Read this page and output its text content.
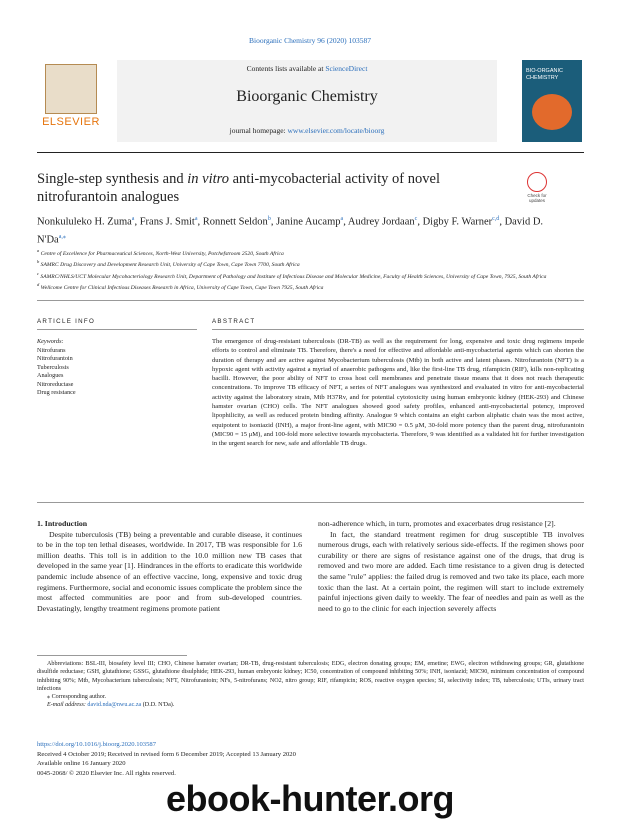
Bioorganic Chemistry 96 (2020) 103587
ELSEVIER
Contents lists available at ScienceDirect
Bioorganic Chemistry
journal homepage: www.elsevier.com/locate/bioorg
BIO-ORGANIC CHEMISTRY
Single-step synthesis and in vitro anti-mycobacterial activity of novel nitrofurantoin analogues	Check for updates
Nonkululeko H. Zuma$^a$, Frans J. Smit$^a$, Ronnett Seldon$^b$, Janine Aucamp$^a$, Audrey Jordaan$^c$, Digby F. Warner$^{c,d}$, David D. $N'Da^{a,⁎}$
$^a$ Centre of Excellence for Pharmaceutical Sciences, North-West University, Potchefstroom 2520, South Africa
$^b$ SAMRC Drug Discovery and Development Research Unit, University of Cape Town, Cape Town 7700, South Africa
$^c$ SAMRC/NHLS/UCT Molecular Mycobacteriology Research Unit, Department of Pathology and Institute of Infectious Disease and Molecular Medicine, Faculty of Health Sciences, University of Cape Town, 7925, South Africa
$^d$ Wellcome Centre for Clinical Infectious Diseases Research in Africa, University of Cape Town, Cape Town 7925, South Africa
ARTICLE INFO
Keywords:
Nitrofurans
Nitrofurantoin
Tuberculosis
Analogues
Nitroreductase
Drug resistance
ABSTRACT
The emergence of drug-resistant tuberculosis (DR-TB) as well as the requirement for long, expensive and toxic drug regimens impede efforts to control and eliminate TB. Therefore, there's a need for effective and affordable anti-mycobacterial agents which can shorten the duration of therapy and are active against Mycobacterium tuberculosis (Mtb) in both active and latent phases. Nitrofurantoin (NFT) is a hypoxic agent with activity against a myriad of anaerobic pathogens and, like the first-line TB drug, rifampicin (RIF), kills non-replicating bacilli. However, the poor ability of NFT to cross host cell membranes and penetrate tissue means that it does not reach therapeutic concentrations. To improve TB efficacy of NFT, a series of NFT analogues was synthesized and evaluated in vitro for anti-mycobacterial activity against the laboratory strain, Mtb H37Rv, and for potential cytotoxicity using human embryonic kidney (HEK-293) and Chinese hamster ovarian (CHO) cells. The NFT analogues showed good safety profiles, enhanced anti-mycobacterial potency, improved lipophilicity, as well as reduced protein binding affinity. Analogue 9 which contains an eight carbon aliphatic chain was the most active, equipotent to isoniazid (INH), a major front-line agent, with MIC90 = 0.5 μM, 30-fold more potency than the parent drug, nitrofurantoin (MIC90 = 15 μM), and 100-fold more selective towards mycobacteria. Therefore, 9 was identified as a validated hit for further investigation in the urgent search for new, safe and affordable TB drugs.

1. Introduction

Despite tuberculosis (TB) being a preventable and curable disease, it continues to be in the top ten lethal diseases, worldwide. In 2017, TB was responsible for 1.6 million deaths. This toll is in addition to the 10.0 million new TB cases that developed in the same year [1]. Hindrances in the efforts to eradicate this worldwide pandemic include absence of an effective vaccine, long, expensive and toxic drug regimens. Furthermore, social and economic issues complicate the problem since the most affected communities are poor and from sub-developed countries. Devastatingly, lengthy treatment regimens promote patient

non-adherence which, in turn, promotes and exacerbates drug resistance [2].

In fact, the standard treatment regimen for drug susceptible TB involves numerous drugs, each with relatively serious side-effects. If the regimen shows poor curability or there are signs of resistance against one of the drugs, that drug is removed and two more are added. Each time resistance to a given drug is detected the same "rule" applies: the failed drug is removed and two take its place, each more toxic than the last. At a certain point, the regimen will start to include extremely painful injections given daily to weekly. The fear of needles and pain as well as the need to go to the clinic for each injection severely affects

Abbreviations: BSL-III, biosafety level III; CHO, Chinese hamster ovarian; DR-TB, drug-resistant tuberculosis; EDG, electron donating groups; EM, emetine; EWG, electron withdrawing groups; GR, glutathione disulfide reductase; GSH, glutathione; GSSG, glutathione disulphide; HEK-293, human embryonic kidney; IC50, concentration of compound inhibiting 50%; INH, isoniazid; MIC90, minimum concentration of compound inhibiting 90%; Mtb, Mycobacterium tuberculosis; NFT, Nitrofurantoin; NFs, 5-nitrofurans; NO2, nitro group; RIF, rifampicin; ROS, reactive oxygen species; SI, selectivity index; TB, tuberculosis; UTIs, urinary tract infections

⁎ Corresponding author.

E-mail address: david.nda@nwu.ac.za (D.D. N'Da).

https://doi.org/10.1016/j.bioorg.2020.103587
Received 4 October 2019; Received in revised form 6 December 2019; Accepted 13 January 2020
Available online 16 January 2020
0045-2068/ © 2020 Elsevier Inc. All rights reserved.
ebook-hunter.org
